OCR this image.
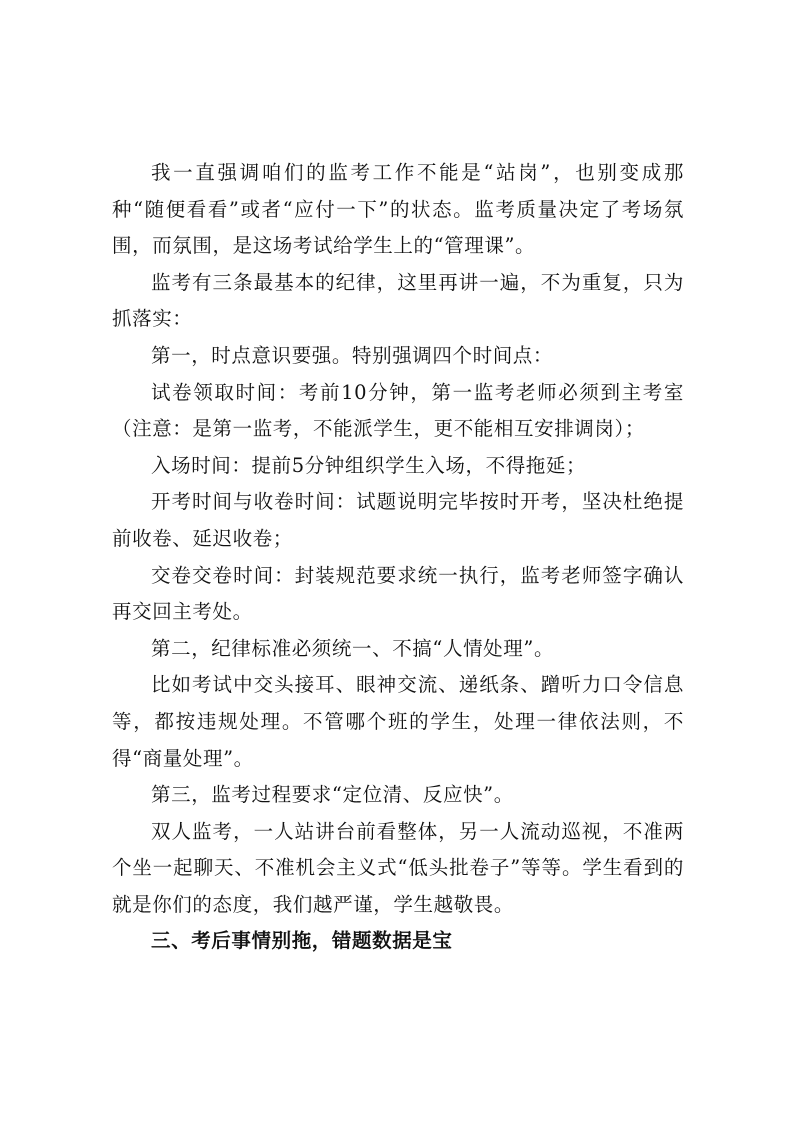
我一直强调咱们的监考工作不能是“站岗”，也别变成那种“随便看看”或者“应付一下”的状态。监考质量决定了考场氛围，而氛围，是这场考试给学生上的“管理课”。

监考有三条最基本的纪律，这里再讲一遍，不为重复，只为抓落实：

第一，时点意识要强。特别强调四个时间点：

试卷领取时间：考前10分钟，第一监考老师必须到主考室（注意：是第一监考，不能派学生，更不能相互安排调岗）；

入场时间：提前5分钟组织学生入场，不得拖延；

开考时间与收卷时间：试题说明完毕按时开考，坚决杜绝提前收卷、延迟收卷；

交卷交卷时间：封装规范要求统一执行，监考老师签字确认再交回主考处。

第二，纪律标准必须统一、不搞“人情处理”。

比如考试中交头接耳、眼神交流、递纸条、蹭听力口令信息等，都按违规处理。不管哪个班的学生，处理一律依法则，不得“商量处理”。

第三，监考过程要求“定位清、反应快”。

双人监考，一人站讲台前看整体，另一人流动巡视，不准两个坐一起聊天、不准机会主义式“低头批卷子”等等。学生看到的就是你们的态度，我们越严谨，学生越敬畏。

三、考后事情别拖，错题数据是宝
